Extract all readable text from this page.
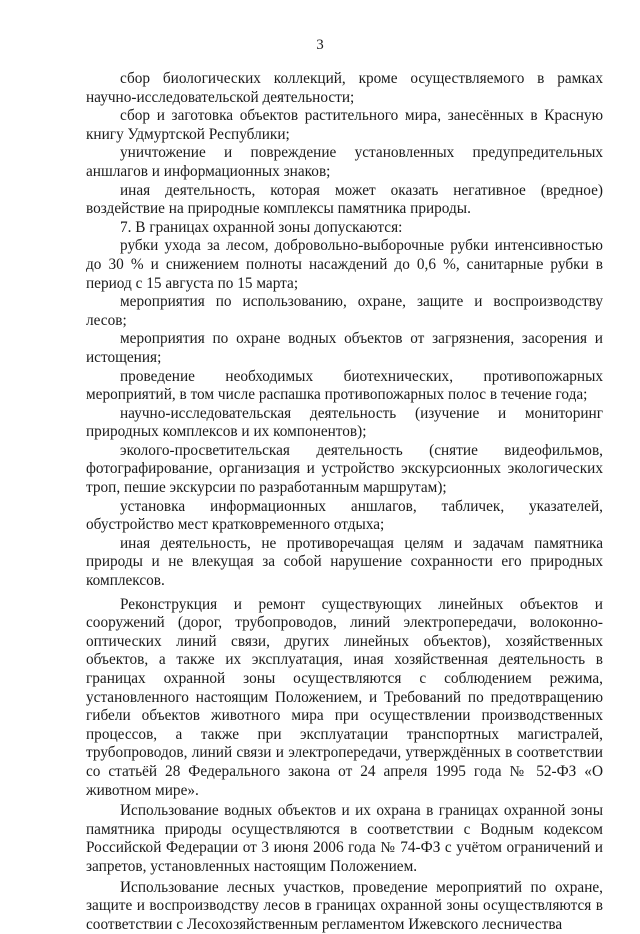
3

сбор биологических коллекций, кроме осуществляемого в рамках научно-исследовательской деятельности;

сбор и заготовка объектов растительного мира, занесённых в Красную книгу Удмуртской Республики;

уничтожение и повреждение установленных предупредительных аншлагов и информационных знаков;

иная деятельность, которая может оказать негативное (вредное) воздействие на природные комплексы памятника природы.

7. В границах охранной зоны допускаются:

рубки ухода за лесом, добровольно-выборочные рубки интенсивностью до 30 % и снижением полноты насаждений до 0,6 %, санитарные рубки в период с 15 августа по 15 марта;

мероприятия по использованию, охране, защите и воспроизводству лесов;

мероприятия по охране водных объектов от загрязнения, засорения и истощения;

проведение необходимых биотехнических, противопожарных мероприятий, в том числе распашка противопожарных полос в течение года;

научно-исследовательская деятельность (изучение и мониторинг природных комплексов и их компонентов);

эколого-просветительская деятельность (снятие видеофильмов, фотографирование, организация и устройство экскурсионных экологических троп, пешие экскурсии по разработанным маршрутам);

установка информационных аншлагов, табличек, указателей, обустройство мест кратковременного отдыха;

иная деятельность, не противоречащая целям и задачам памятника природы и не влекущая за собой нарушение сохранности его природных комплексов.

Реконструкция и ремонт существующих линейных объектов и сооружений (дорог, трубопроводов, линий электропередачи, волоконно-оптических линий связи, других линейных объектов), хозяйственных объектов, а также их эксплуатация, иная хозяйственная деятельность в границах охранной зоны осуществляются с соблюдением режима, установленного настоящим Положением, и Требований по предотвращению гибели объектов животного мира при осуществлении производственных процессов, а также при эксплуатации транспортных магистралей, трубопроводов, линий связи и электропередачи, утверждённых в соответствии со статьёй 28 Федерального закона от 24 апреля 1995 года № 52-ФЗ «О животном мире».

Использование водных объектов и их охрана в границах охранной зоны памятника природы осуществляются в соответствии с Водным кодексом Российской Федерации от 3 июня 2006 года № 74-ФЗ с учётом ограничений и запретов, установленных настоящим Положением.

Использование лесных участков, проведение мероприятий по охране, защите и воспроизводству лесов в границах охранной зоны осуществляются в соответствии с Лесохозяйственным регламентом Ижевского лесничества
